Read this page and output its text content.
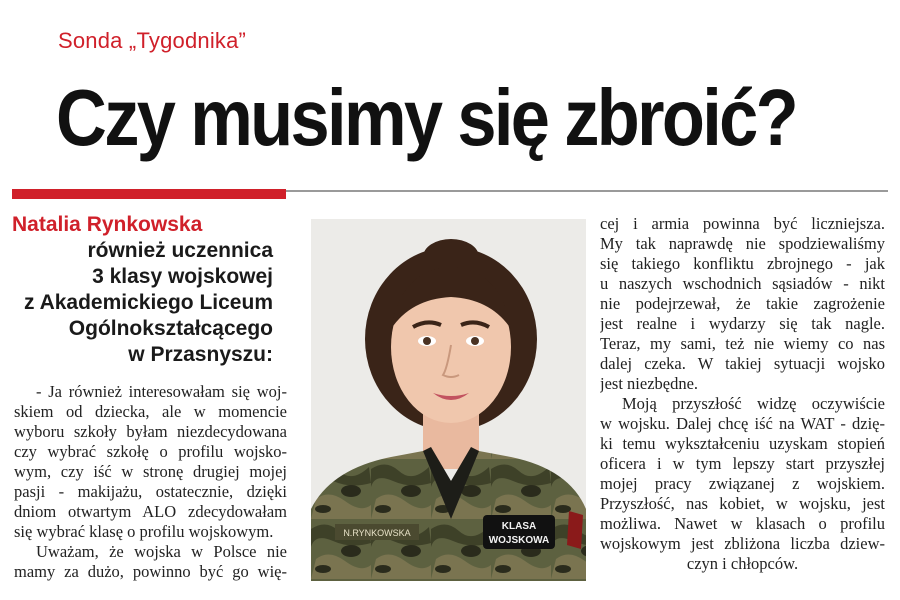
Sonda „Tygodnika”
Czy musimy się zbroić?
Natalia Rynkowska
również uczennica
3 klasy wojskowej
z Akademickiego Liceum
Ogólnokształcącego
w Przasnyszu:
- Ja również interesowałam się woj-
skiem od dziecka, ale w momencie
wyboru szkoły byłam niezdecydowana
czy wybrać szkołę o profilu wojsko-
wym, czy iść w stronę drugiej mojej
pasji - makijażu, ostatecznie, dzięki
dniom otwartym ALO zdecydowałam
się wybrać klasę o profilu wojskowym.
Uważam, że wojska w Polsce nie
mamy za dużo, powinno być go wię-
N.RYNKOWSKA
KLASA
WOJSKOWA
cej i armia powinna być liczniejsza.
My tak naprawdę nie spodziewaliśmy
się takiego konfliktu zbrojnego - jak
u naszych wschodnich sąsiadów - nikt
nie podejrzewał, że takie zagrożenie
jest realne i wydarzy się tak nagle.
Teraz, my sami, też nie wiemy co nas
dalej czeka. W takiej sytuacji wojsko
jest niezbędne.
Moją przyszłość widzę oczywiście
w wojsku. Dalej chcę iść na WAT - dzię-
ki temu wykształceniu uzyskam stopień
oficera i w tym lepszy start przyszłej
mojej pracy związanej z wojskiem.
Przyszłość, nas kobiet, w wojsku, jest
możliwa. Nawet w klasach o profilu
wojskowym jest zbliżona liczba dziew-
czyn i chłopców.
